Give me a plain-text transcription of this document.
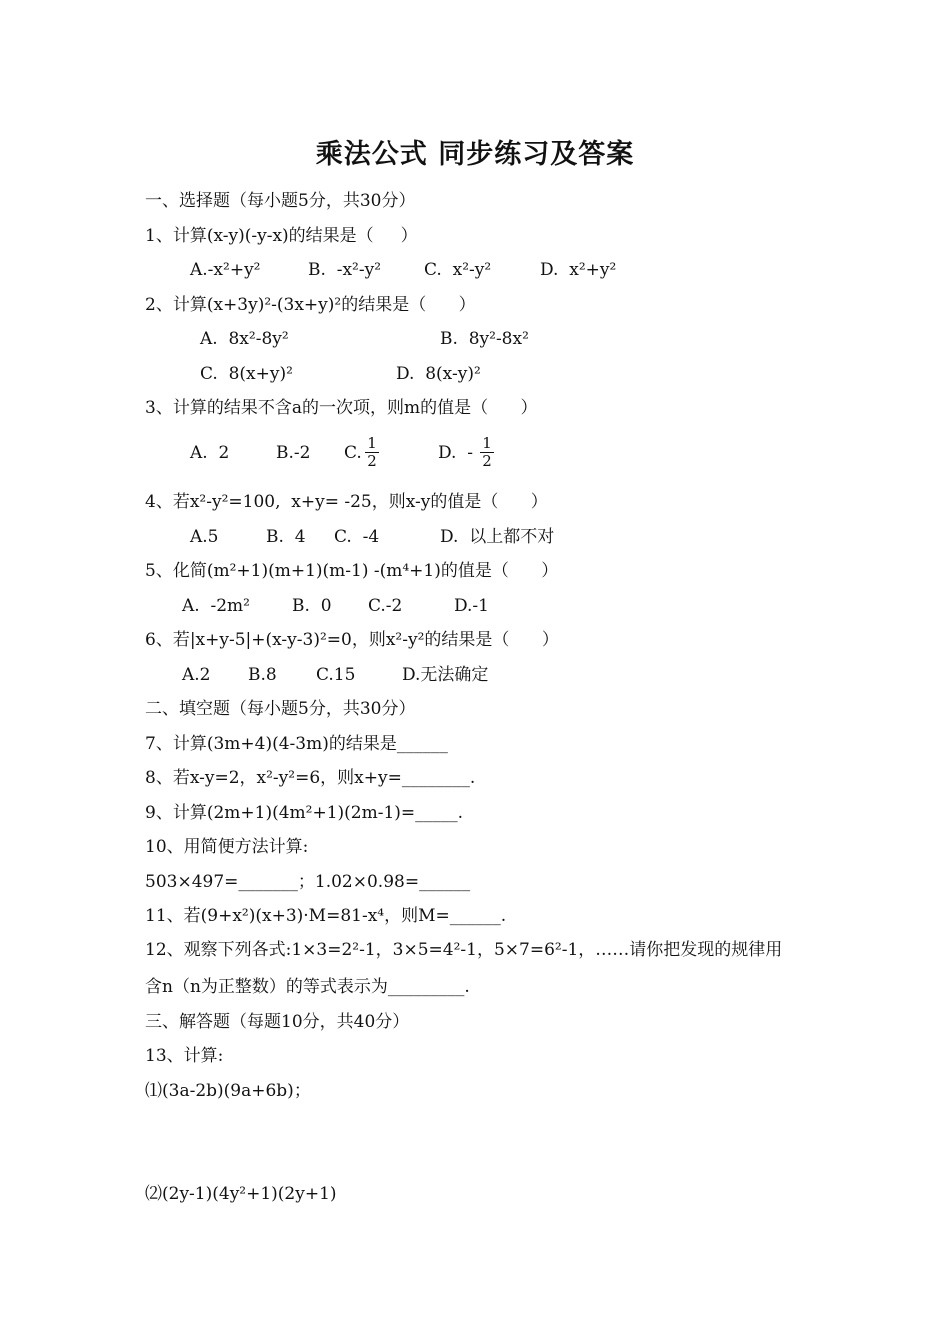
乘法公式 同步练习及答案
一、选择题（每小题5分，共30分）
1、计算(x-y)(-y-x)的结果是（     ）
A.-x²+y²	B.  -x²-y²	C.  x²-y²	D.  x²+y²
2、计算(x+3y)²-(3x+y)²的结果是（      ）
A.  8x²-8y²	B.  8y²-8x²
C.  8(x+y)²	D.  8(x-y)²
3、计算的结果不含a的一次项，则m的值是（      ）
A.  2	B.-2 C.	D.  -
$\frac{1}{2}$	$\frac{1}{2}$
4、若x²-y²=100,  x+y= -25，则x-y的值是（      ）
A.5	B.  4 C.  -4	D.  以上都不对
5、化简(m²+1)(m+1)(m-1) -(m⁴+1)的值是（      ）
A.  -2m² B.  0 C.-2	D.-1
6、若|x+y-5|+(x-y-3)²=0，则x²-y²的结果是（      ）
A.2 B.8 C.15	D.无法确定
二、填空题（每小题5分，共30分）
7、计算(3m+4)(4-3m)的结果是______
8、若x-y=2，x²-y²=6，则x+y=________.
9、计算(2m+1)(4m²+1)(2m-1)=_____.
10、用简便方法计算:
503×497=_______；1.02×0.98=______
11、若(9+x²)(x+3)·M=81-x⁴，则M=______.
12、观察下列各式:1×3=2²-1，3×5=4²-1，5×7=6²-1，……请你把发现的规律用
含n（n为正整数）的等式表示为_________.
三、解答题（每题10分，共40分）
13、计算:
⑴(3a-2b)(9a+6b)；
⑵(2y-1)(4y²+1)(2y+1)
